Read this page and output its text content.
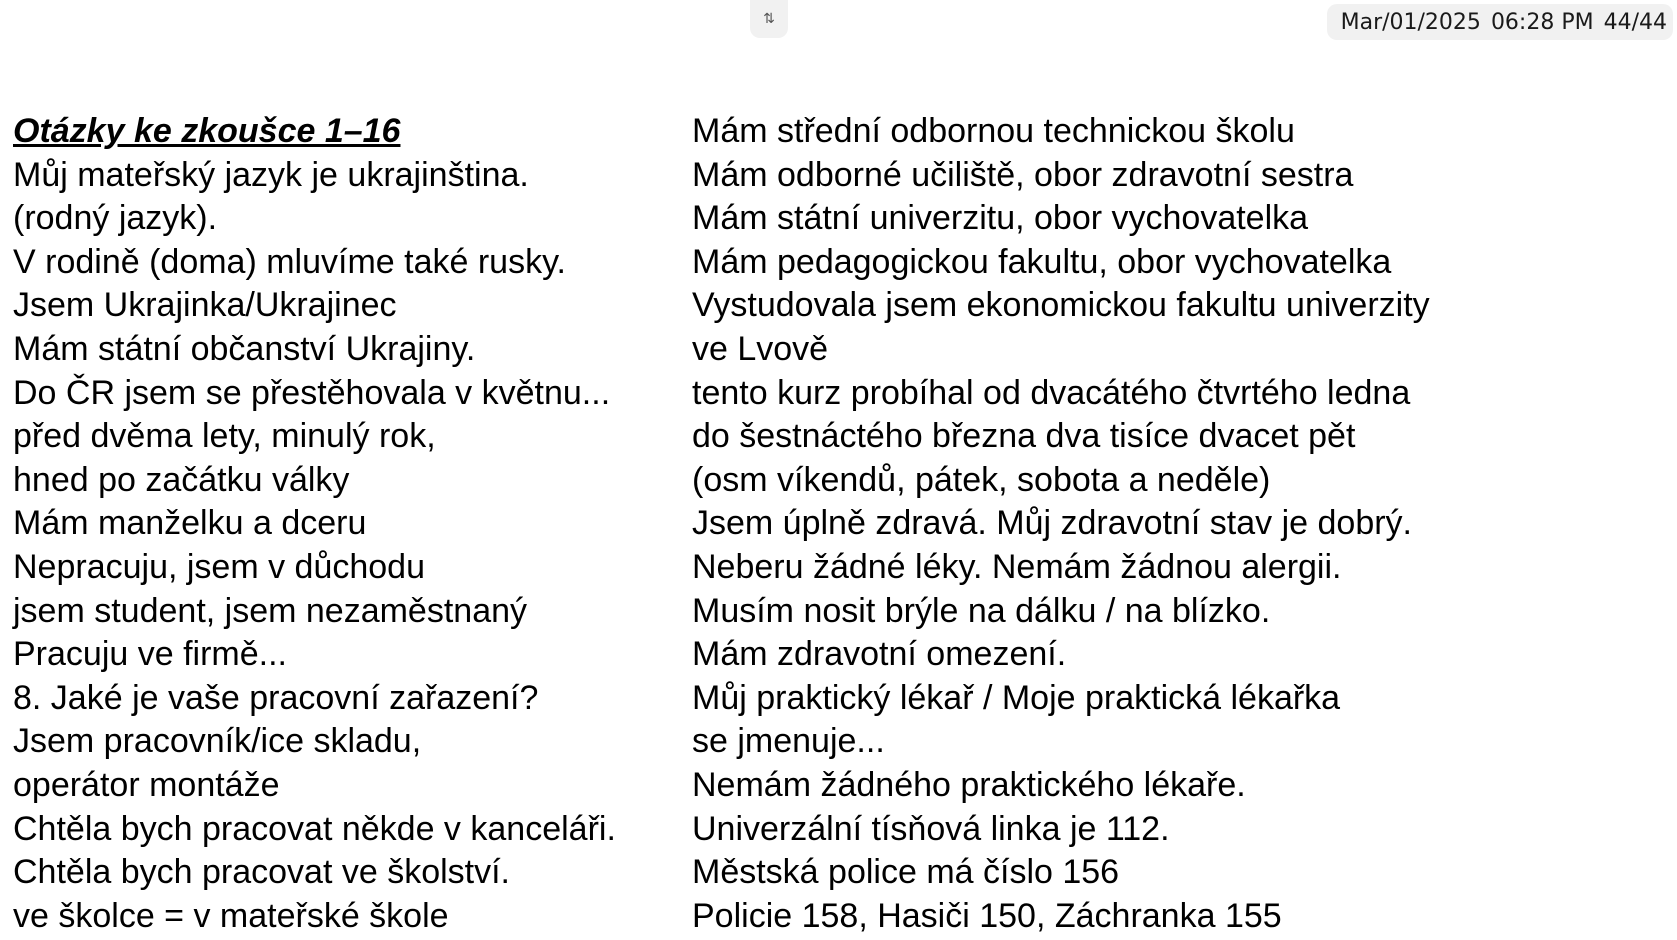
⇅	Mar/01/2025 06:28 PM 44/44
Otázky ke zkoušce 1–16
Můj mateřský jazyk je ukrajinština.
(rodný jazyk).
V rodině (doma) mluvíme také rusky.
Jsem Ukrajinka/Ukrajinec
Mám státní občanství Ukrajiny.
Do ČR jsem se přestěhovala v květnu...
před dvěma lety, minulý rok,
hned po začátku války
Mám manželku a dceru
Nepracuju, jsem v důchodu
jsem student, jsem nezaměstnaný
Pracuju ve firmě...
8. Jaké je vaše pracovní zařazení?
Jsem pracovník/ice skladu,
operátor montáže
Chtěla bych pracovat někde v kanceláři.
Chtěla bych pracovat ve školství.
ve školce = v mateřské škole
Mám střední odbornou technickou školu
Mám odborné učiliště, obor zdravotní sestra
Mám státní univerzitu, obor vychovatelka
Mám pedagogickou fakultu, obor vychovatelka
Vystudovala jsem ekonomickou fakultu univerzity
ve Lvově
tento kurz probíhal od dvacátého čtvrtého ledna
do šestnáctého března dva tisíce dvacet pět
(osm víkendů, pátek, sobota a neděle)
Jsem úplně zdravá. Můj zdravotní stav je dobrý.
Neberu žádné léky. Nemám žádnou alergii.
Musím nosit brýle na dálku / na blízko.
Mám zdravotní omezení.
Můj praktický lékař / Moje praktická lékařka
se jmenuje...
Nemám žádného praktického lékaře.
Univerzální tísňová linka je 112.
Městská police má číslo 156
Policie 158, Hasiči 150, Záchranka 155
